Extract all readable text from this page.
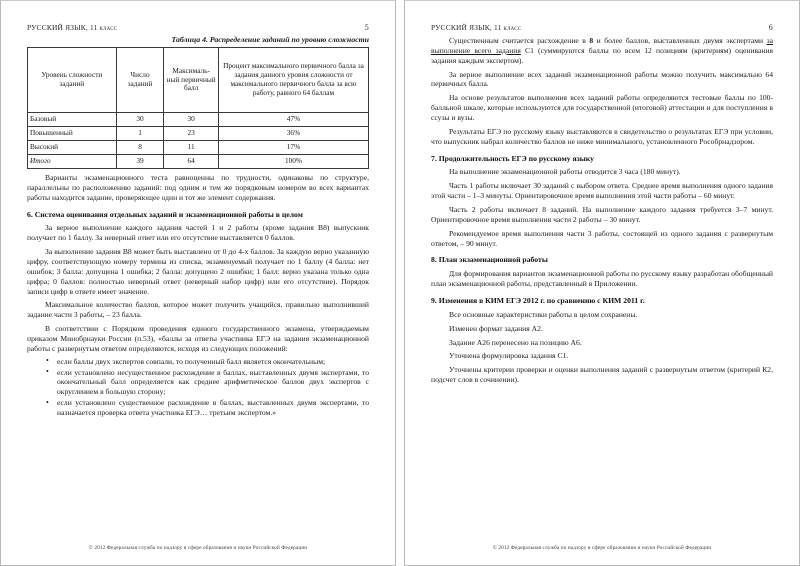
РУССКИЙ ЯЗЫК, 11 класс	5
Таблица 4. Распределение заданий по уровню сложности
Уровень сложности заданий	Число заданий	Максималь-ный первичный балл	Процент максимального первичного балла за задания данного уровня сложности от максимального первичного балла за всю работу, равного 64 баллам
Базовый	30	30	47%
Повышенный	1	23	36%
Высокий	8	11	17%
Итого	39	64	100%

Варианты экзаменационного теста равноценны по трудности, одинаковы по структуре, параллельны по расположению заданий: под одним и тем же порядковым номером во всех вариантах работы находится задание, проверяющее один и тот же элемент содержания.

6. Система оценивания отдельных заданий и экзаменационной работы в целом

За верное выполнение каждого задания частей 1 и 2 работы (кроме задания В8) выпускник получает по 1 баллу. За неверный ответ или его отсутствие выставляется 0 баллов.

За выполнение задания В8 может быть выставлено от 0 до 4-х баллов. За каждую верно указанную цифру, соответствующую номеру термина из списка, экзаменуемый получает по 1 баллу (4 балла: нет ошибок; 3 балла: допущена 1 ошибка; 2 балла: допущено 2 ошибки; 1 балл: верно указана только одна цифра; 0 баллов: полностью неверный ответ (неверный набор цифр) или его отсутствие). Порядок записи цифр в ответе имеет значение.

Максимальное количество баллов, которое может получить учащийся, правильно выполнивший задание части 3 работы, – 23 балла.

В соответствии с Порядком проведения единого государственного экзамена, утверждаемым приказом Минобрнауки России (п.53), «баллы за ответы участника ЕГЭ на задания экзаменационной работы с развернутым ответом определяются, исходя из следующих положений:

• если баллы двух экспертов совпали, то полученный балл является окончательным;
• если установлено несущественное расхождение в баллах, выставленных двумя экспертами, то окончательный балл определяется как среднее арифметическое баллов двух экспертов с округлением в большую сторону;
• если установлено существенное расхождение в баллах, выставленных двумя экспертами, то назначается проверка ответа участника ЕГЭ… третьим экспертом.»
© 2012 Федеральная служба по надзору в сфере образования и науки Российской Федерации
РУССКИЙ ЯЗЫК, 11 класс	6

Существенным считается расхождение в 8 и более баллов, выставленных двумя экспертами за выполнение всего задания С1 (суммируются баллы по всем 12 позициям (критериям) оценивания задания каждым экспертом).

За верное выполнение всех заданий экзаменационной работы можно получить максимально 64 первичных балла.

На основе результатов выполнения всех заданий работы определяются тестовые баллы по 100-балльной шкале, которые используются для государственной (итоговой) аттестации и для поступления в ссузы и вузы.

Результаты ЕГЭ по русскому языку выставляются в свидетельство о результатах ЕГЭ при условии, что выпускник набрал количество баллов не ниже минимального, установленного Рособрнадзором.

7. Продолжительность ЕГЭ по русскому языку

На выполнение экзаменационной работы отводится 3 часа (180 минут).

Часть 1 работы включает 30 заданий с выбором ответа. Среднее время выполнения одного задания этой части – 1–3 минуты. Ориентировочное время выполнения этой части работы – 60 минут.

Часть 2 работы включает 8 заданий. На выполнение каждого задания требуется 3–7 минут. Ориентировочное время выполнения части 2 работы – 30 минут.

Рекомендуемое время выполнения части 3 работы, состоящей из одного задания с развернутым ответом, – 90 минут.

8. План экзаменационной работы

Для формирования вариантов экзаменационной работы по русскому языку разработан обобщенный план экзаменационной работы, представленный в Приложении.

9. Изменения в КИМ ЕГЭ 2012 г. по сравнению с КИМ 2011 г.

Все основные характеристики работы в целом сохранены.

Изменен формат задания А2.

Задание А26 перенесено на позицию А6.

Уточнена формулировка задания С1.

Уточнены критерии проверки и оценки выполнения заданий с развернутым ответом (критерий К2, подсчет слов в сочинении).

© 2012 Федеральная служба по надзору в сфере образования и науки Российской Федерации
